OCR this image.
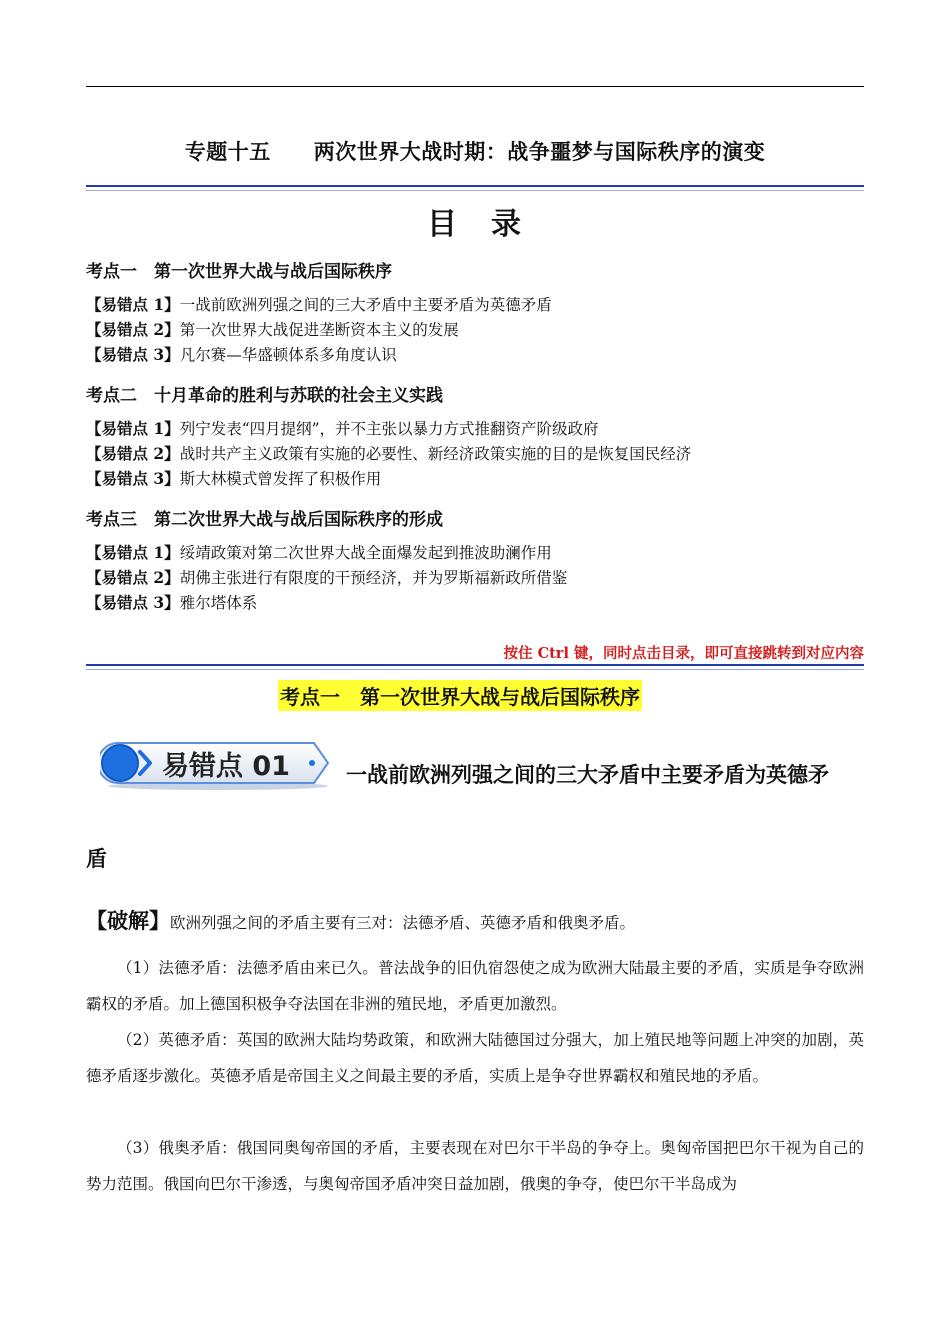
专题十五　　两次世界大战时期：战争噩梦与国际秩序的演变
目　录
考点一　第一次世界大战与战后国际秩序
【易错点 1】一战前欧洲列强之间的三大矛盾中主要矛盾为英德矛盾
【易错点 2】第一次世界大战促进垄断资本主义的发展
【易错点 3】凡尔赛—华盛顿体系多角度认识
考点二　十月革命的胜利与苏联的社会主义实践
【易错点 1】列宁发表“四月提纲”，并不主张以暴力方式推翻资产阶级政府
【易错点 2】战时共产主义政策有实施的必要性、新经济政策实施的目的是恢复国民经济
【易错点 3】斯大林模式曾发挥了积极作用
考点三　第二次世界大战与战后国际秩序的形成
【易错点 1】绥靖政策对第二次世界大战全面爆发起到推波助澜作用
【易错点 2】胡佛主张进行有限度的干预经济，并为罗斯福新政所借鉴
【易错点 3】雅尔塔体系
按住 Ctrl 键，同时点击目录，即可直接跳转到对应内容
考点一　第一次世界大战与战后国际秩序
易错点 01	一战前欧洲列强之间的三大矛盾中主要矛盾为英德矛
盾
【破解】欧洲列强之间的矛盾主要有三对：法德矛盾、英德矛盾和俄奥矛盾。

（1）法德矛盾：法德矛盾由来已久。普法战争的旧仇宿怨使之成为欧洲大陆最主要的矛盾，实质是争夺欧洲霸权的矛盾。加上德国积极争夺法国在非洲的殖民地，矛盾更加激烈。

（2）英德矛盾：英国的欧洲大陆均势政策，和欧洲大陆德国过分强大，加上殖民地等问题上冲突的加剧，英德矛盾逐步激化。英德矛盾是帝国主义之间最主要的矛盾，实质上是争夺世界霸权和殖民地的矛盾。

（3）俄奥矛盾：俄国同奥匈帝国的矛盾，主要表现在对巴尔干半岛的争夺上。奥匈帝国把巴尔干视为自己的势力范围。俄国向巴尔干渗透，与奥匈帝国矛盾冲突日益加剧，俄奥的争夺，使巴尔干半岛成为
